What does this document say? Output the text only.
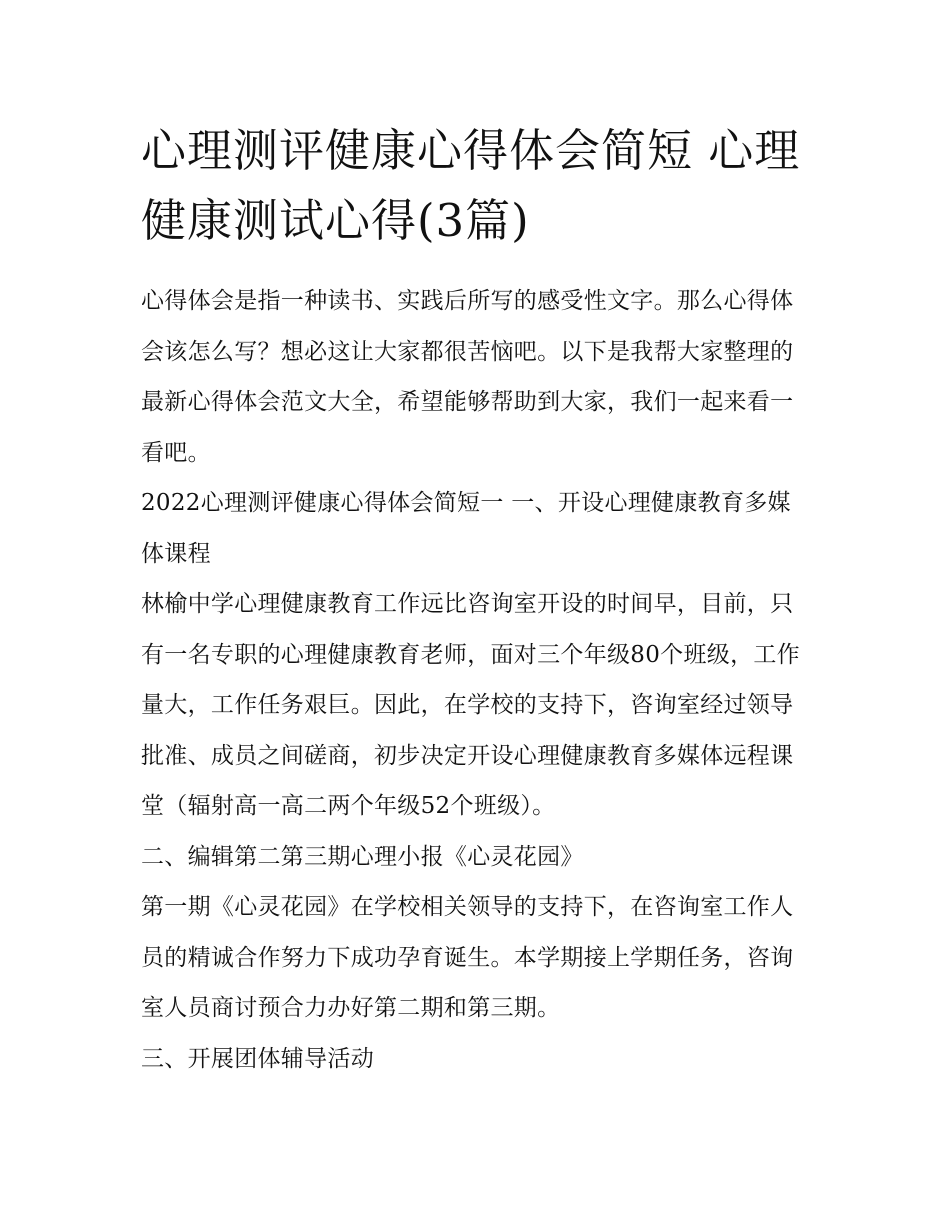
心理测评健康心得体会简短 心理健康测试心得(3篇)

心得体会是指一种读书、实践后所写的感受性文字。那么心得体会该怎么写？想必这让大家都很苦恼吧。以下是我帮大家整理的最新心得体会范文大全，希望能够帮助到大家，我们一起来看一看吧。

2022心理测评健康心得体会简短一 一、开设心理健康教育多媒体课程

林榆中学心理健康教育工作远比咨询室开设的时间早，目前，只有一名专职的心理健康教育老师，面对三个年级80个班级，工作量大，工作任务艰巨。因此，在学校的支持下，咨询室经过领导批准、成员之间磋商，初步决定开设心理健康教育多媒体远程课堂（辐射高一高二两个年级52个班级）。

二、编辑第二第三期心理小报《心灵花园》

第一期《心灵花园》在学校相关领导的支持下，在咨询室工作人员的精诚合作努力下成功孕育诞生。本学期接上学期任务，咨询室人员商讨预合力办好第二期和第三期。

三、开展团体辅导活动
